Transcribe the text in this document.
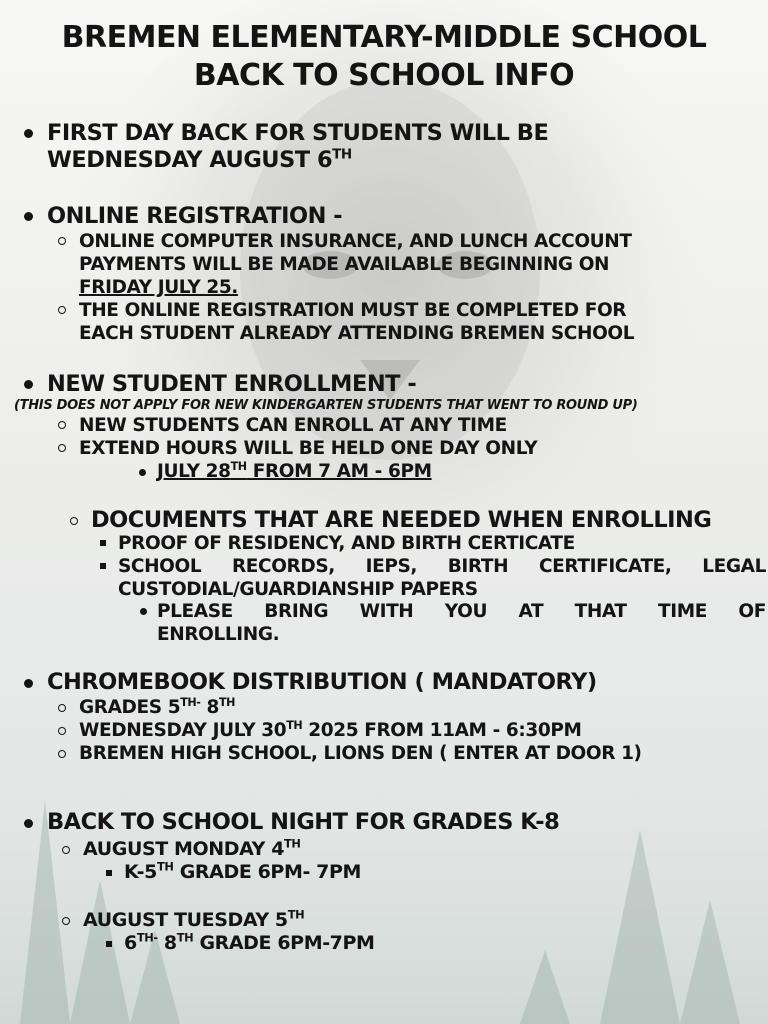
BREMEN ELEMENTARY-MIDDLE SCHOOL
BACK TO SCHOOL INFO
FIRST DAY BACK FOR STUDENTS WILL BE
WEDNESDAY AUGUST 6TH
ONLINE REGISTRATION -
ONLINE COMPUTER INSURANCE, AND LUNCH ACCOUNT
PAYMENTS WILL BE MADE AVAILABLE BEGINNING ON
FRIDAY JULY 25.
THE ONLINE REGISTRATION MUST BE COMPLETED FOR
EACH STUDENT ALREADY ATTENDING BREMEN SCHOOL
NEW STUDENT ENROLLMENT -
(THIS DOES NOT APPLY FOR NEW KINDERGARTEN STUDENTS THAT WENT TO ROUND UP)
NEW STUDENTS CAN ENROLL AT ANY TIME
EXTEND HOURS WILL BE HELD ONE DAY ONLY
JULY 28TH FROM 7 AM - 6PM
DOCUMENTS THAT ARE NEEDED WHEN ENROLLING
PROOF OF RESIDENCY, AND BIRTH CERTICATE
SCHOOL RECORDS, IEPS, BIRTH CERTIFICATE, LEGAL
CUSTODIAL/GUARDIANSHIP PAPERS
PLEASE BRING WITH YOU AT THAT TIME OF
ENROLLING.
CHROMEBOOK DISTRIBUTION ( MANDATORY)
GRADES $5^{TH-}$ 8TH
WEDNESDAY JULY 30TH 2025 FROM 11AM - 6:30PM
BREMEN HIGH SCHOOL, LIONS DEN ( ENTER AT DOOR 1)
BACK TO SCHOOL NIGHT FOR GRADES K-8
AUGUST MONDAY 4TH
K-5TH GRADE 6PM- 7PM
AUGUST TUESDAY 5TH
$6^{TH-}$ 8TH GRADE 6PM-7PM
